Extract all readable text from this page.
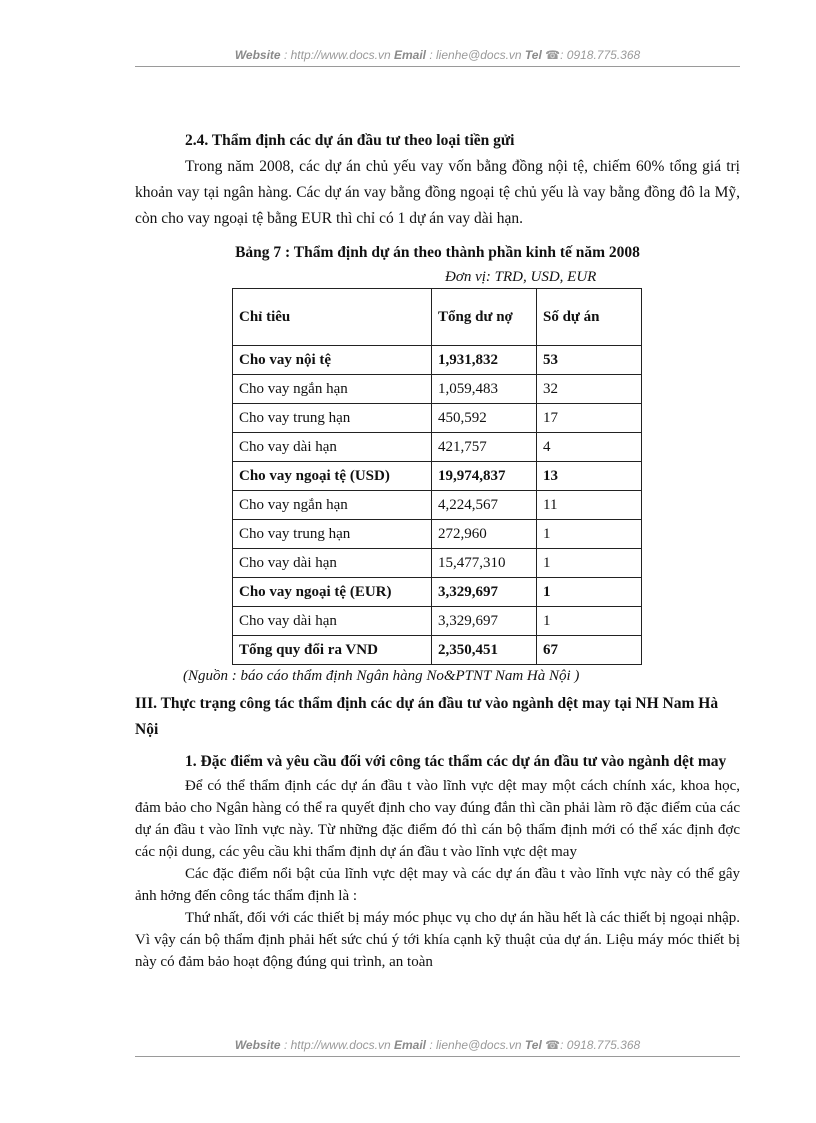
Website : http://www.docs.vn Email : lienhe@docs.vn Tel ☎: 0918.775.368
2.4. Thẩm định các dự án đầu tư theo loại tiền gửi

Trong năm 2008, các dự án chủ yếu vay vốn bằng đồng nội tệ, chiếm 60% tổng giá trị khoản vay tại ngân hàng. Các dự án vay bằng đồng ngoại tệ chủ yếu là vay bằng đồng đô la Mỹ, còn cho vay ngoại tệ bằng EUR thì chỉ có 1 dự án vay dài hạn.

Bảng 7 : Thẩm định dự án theo thành phần kinh tế năm 2008
Đơn vị: TRD, USD, EUR
Chỉ tiêu	Tổng dư nợ	Số dự án
Cho vay nội tệ	1,931,832	53
Cho vay ngắn hạn	1,059,483	32
Cho vay trung hạn	450,592	17
Cho vay dài hạn	421,757	4
Cho vay ngoại tệ (USD)	19,974,837	13
Cho vay ngắn hạn	4,224,567	11
Cho vay trung hạn	272,960	1
Cho vay dài hạn	15,477,310	1
Cho vay ngoại tệ (EUR)	3,329,697	1
Cho vay dài hạn	3,329,697	1
Tổng quy đổi ra VND	2,350,451	67
(Nguồn : báo cáo thẩm định Ngân hàng No&PTNT Nam Hà Nội )
III. Thực trạng công tác thẩm định các dự án đầu tư vào ngành dệt may tại NH Nam Hà Nội
1. Đặc điểm và yêu cầu đối với công tác thẩm các dự án đầu tư vào ngành dệt may

Để có thể thẩm định các dự án đầu t vào lĩnh vực dệt may một cách chính xác, khoa học, đảm bảo cho Ngân hàng có thể ra quyết định cho vay đúng đắn thì cần phải làm rõ đặc điểm của các dự án đầu t vào lĩnh vực này. Từ những đặc điểm đó thì cán bộ thẩm định mới có thể xác định đợc các nội dung, các yêu cầu khi thẩm định dự án đầu t vào lĩnh vực dệt may

Các đặc điểm nổi bật của lĩnh vực dệt may và các dự án đầu t vào lĩnh vực này có thể gây ảnh hởng đến công tác thẩm định là :

Thứ nhất, đối với các thiết bị máy móc phục vụ cho dự án hầu hết là các thiết bị ngoại nhập. Vì vậy cán bộ thẩm định phải hết sức chú ý tới khía cạnh kỹ thuật của dự án. Liệu máy móc thiết bị này có đảm bảo hoạt động đúng qui trình, an toàn

Website : http://www.docs.vn Email : lienhe@docs.vn Tel ☎: 0918.775.368
